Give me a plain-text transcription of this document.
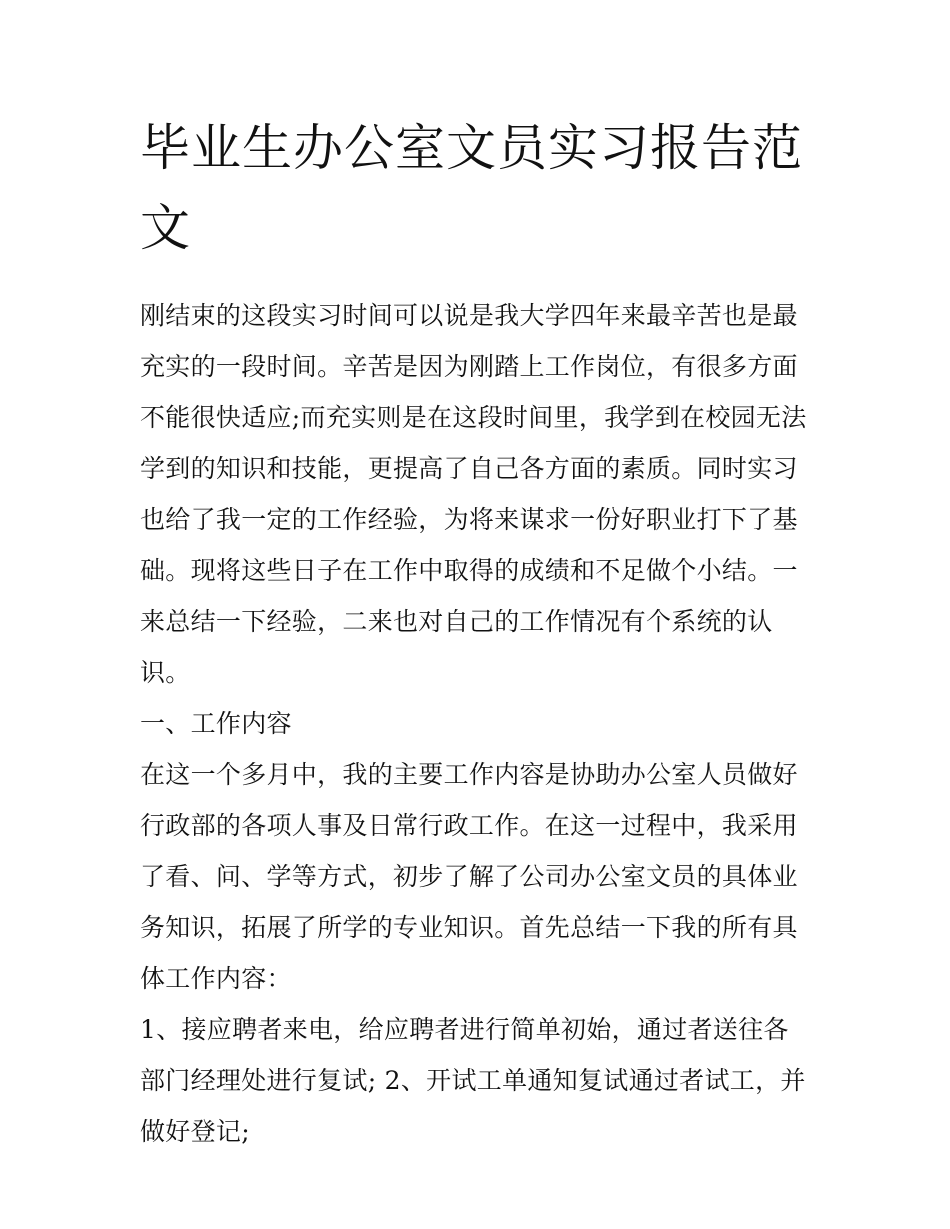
毕业生办公室文员实习报告范文

刚结束的这段实习时间可以说是我大学四年来最辛苦也是最充实的一段时间。辛苦是因为刚踏上工作岗位，有很多方面不能很快适应;而充实则是在这段时间里，我学到在校园无法学到的知识和技能，更提高了自己各方面的素质。同时实习也给了我一定的工作经验，为将来谋求一份好职业打下了基础。现将这些日子在工作中取得的成绩和不足做个小结。一来总结一下经验，二来也对自己的工作情况有个系统的认识。

一、工作内容

在这一个多月中，我的主要工作内容是协助办公室人员做好行政部的各项人事及日常行政工作。在这一过程中，我采用了看、问、学等方式，初步了解了公司办公室文员的具体业务知识，拓展了所学的专业知识。首先总结一下我的所有具体工作内容：

1、接应聘者来电，给应聘者进行简单初始，通过者送往各部门经理处进行复试; 2、开试工单通知复试通过者试工，并做好登记;
